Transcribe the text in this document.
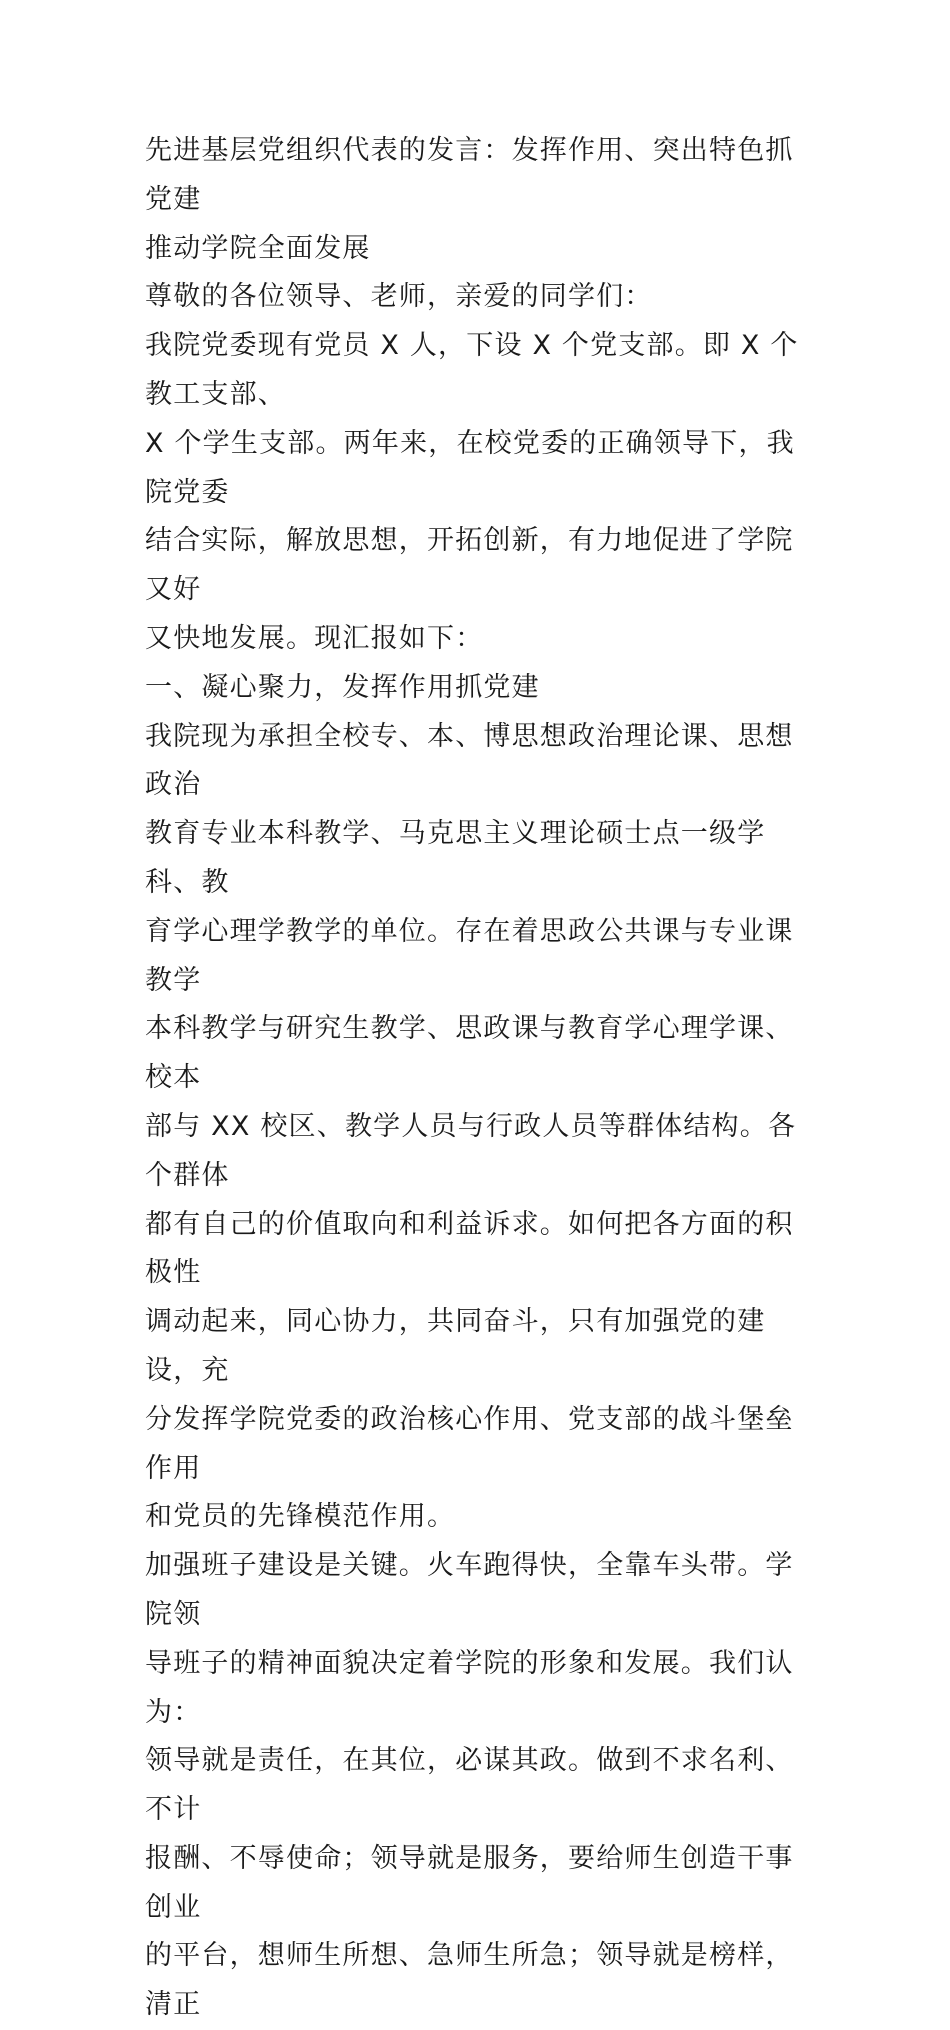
先进基层党组织代表的发言：发挥作用、突出特色抓党建
推动学院全面发展

尊敬的各位领导、老师，亲爱的同学们：

我院党委现有党员 X 人，下设 X 个党支部。即 X 个教工支部、
X 个学生支部。两年来，在校党委的正确领导下，我院党委
结合实际，解放思想，开拓创新，有力地促进了学院又好
又快地发展。现汇报如下：

一、凝心聚力，发挥作用抓党建

我院现为承担全校专、本、博思想政治理论课、思想政治
教育专业本科教学、马克思主义理论硕士点一级学科、教
育学心理学教学的单位。存在着思政公共课与专业课教学
本科教学与研究生教学、思政课与教育学心理学课、校本
部与 XX 校区、教学人员与行政人员等群体结构。各个群体
都有自己的价值取向和利益诉求。如何把各方面的积极性
调动起来，同心协力，共同奋斗，只有加强党的建设，充
分发挥学院党委的政治核心作用、党支部的战斗堡垒作用
和党员的先锋模范作用。

加强班子建设是关键。火车跑得快，全靠车头带。学院领
导班子的精神面貌决定着学院的形象和发展。我们认为：
领导就是责任，在其位，必谋其政。做到不求名利、不计
报酬、不辱使命；领导就是服务，要给师生创造干事创业
的平台，想师生所想、急师生所急；领导就是榜样，清正
